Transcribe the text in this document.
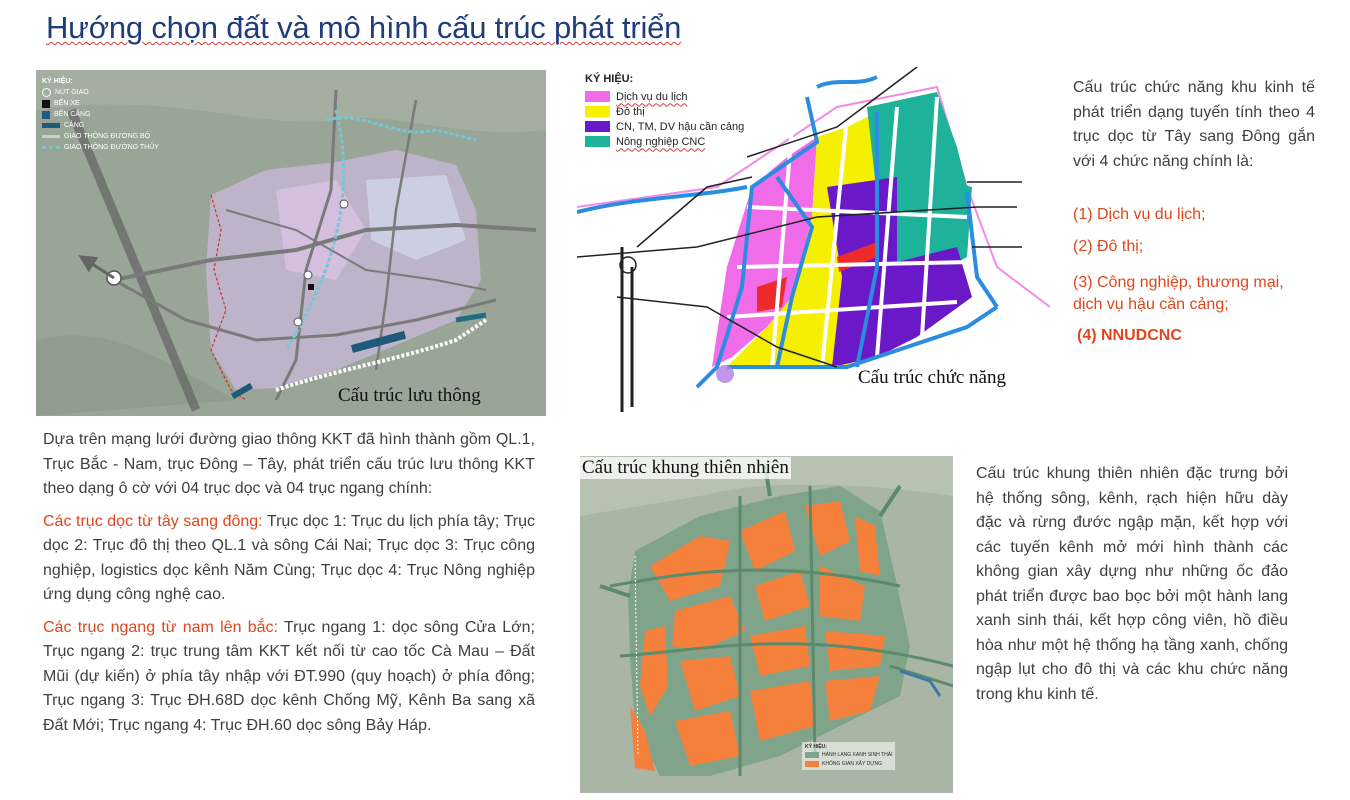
Hướng chọn đất và mô hình cấu trúc phát triển
KÝ HIỆU:
NÚT GIAO
BẾN XE
BẾN CẢNG
CẢNG
GIAO THÔNG ĐƯỜNG BỘ
GIAO THÔNG ĐƯỜNG THỦY
Cấu trúc lưu thông
KÝ HIỆU:
Dịch vụ du lịch
Đô thị
CN, TM, DV hậu cần cảng
Nông nghiệp CNC
Cấu trúc chức năng
Cấu trúc chức năng khu kinh tế phát triển dạng tuyến tính theo 4 trục dọc từ Tây sang Đông gắn với 4 chức năng chính là:
(1) Dịch vụ du lịch;
(2) Đô thị;
(3) Công nghiệp, thương mại, dịch vụ hậu cần cảng;
(4) NNUDCNC

Dựa trên mạng lưới đường giao thông KKT đã hình thành gồm QL.1, Trục Bắc - Nam, trục Đông – Tây, phát triển cấu trúc lưu thông KKT theo dạng ô cờ với 04 trục dọc và 04 trục ngang chính:

Các trục dọc từ tây sang đông: Trục dọc 1: Trục du lịch phía tây; Trục dọc 2: Trục đô thị theo QL.1 và sông Cái Nai; Trục dọc 3: Trục công nghiệp, logistics dọc kênh Năm Cùng; Trục dọc 4: Trục Nông nghiệp ứng dụng công nghệ cao.

Các trục ngang từ nam lên bắc: Trục ngang 1: dọc sông Cửa Lớn; Trục ngang 2: trục trung tâm KKT kết nối từ cao tốc Cà Mau – Đất Mũi (dự kiến) ở phía tây nhập với ĐT.990 (quy hoạch) ở phía đông; Trục ngang 3: Trục ĐH.68D dọc kênh Chống Mỹ, Kênh Ba sang xã Đất Mới; Trục ngang 4: Trục ĐH.60 dọc sông Bảy Háp.

KÝ HIỆU:
HÀNH LANG XANH SINH THÁI
KHÔNG GIAN XÂY DỰNG
Cấu trúc khung thiên nhiên	Cấu trúc khung thiên nhiên đặc trưng bởi hệ thống sông, kênh, rạch hiện hữu dày đặc và rừng đước ngập mặn, kết hợp với các tuyến kênh mở mới hình thành các không gian xây dựng như những ốc đảo phát triển được bao bọc bởi một hành lang xanh sinh thái, kết hợp công viên, hồ điều hòa như một hệ thống hạ tầng xanh, chống ngập lụt cho đô thị và các khu chức năng trong khu kinh tế.
